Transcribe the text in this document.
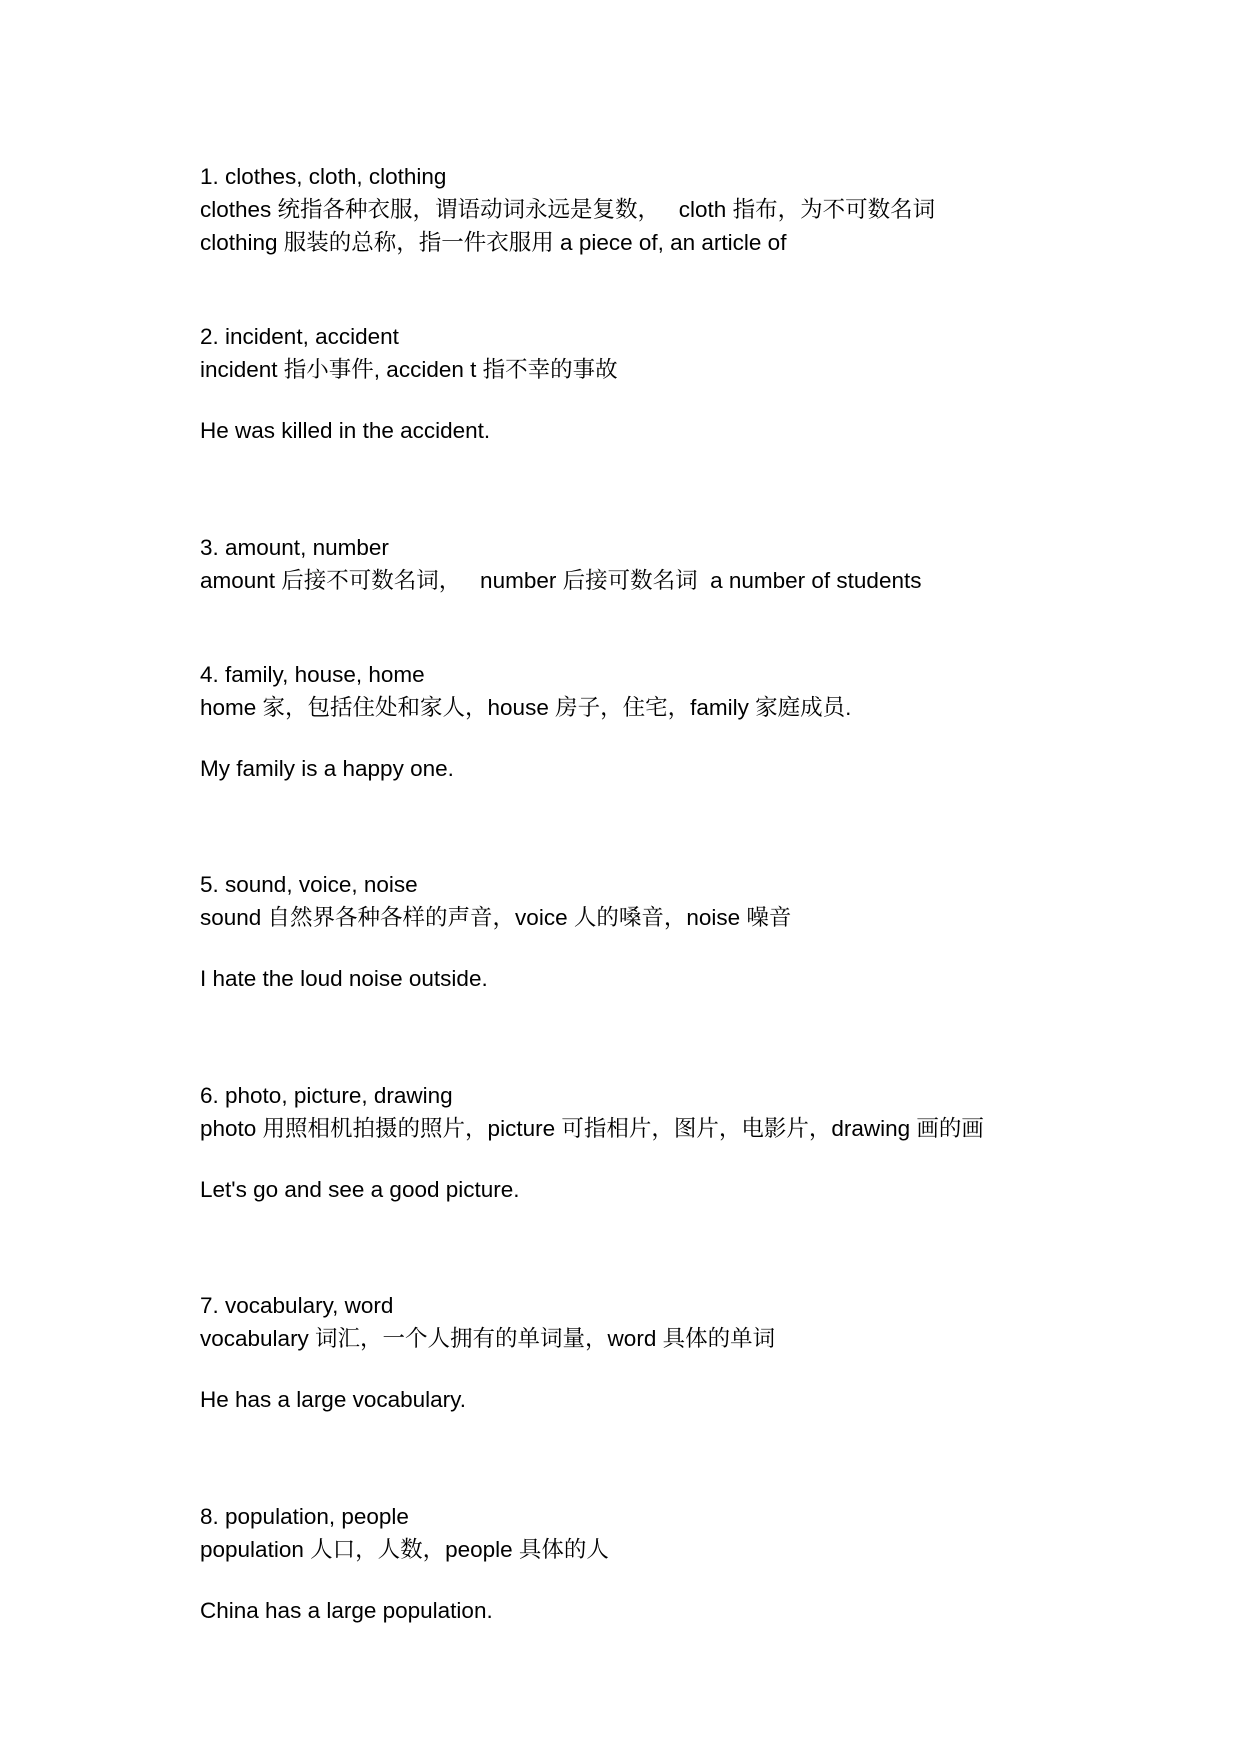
1. clothes, cloth, clothing

clothes 统指各种衣服，谓语动词永远是复数，   cloth 指布，为不可数名词

clothing 服装的总称，指一件衣服用 a piece of, an article of

2. incident, accident

incident 指小事件, acciden t 指不幸的事故

He was killed in the accident.

3. amount, number

amount 后接不可数名词，   number 后接可数名词  a number of students

4. family, house, home

home 家，包括住处和家人，house 房子，住宅，family 家庭成员.

My family is a happy one.

5. sound, voice, noise

sound 自然界各种各样的声音，voice 人的嗓音，noise 噪音

I hate the loud noise outside.

6. photo, picture, drawing

photo 用照相机拍摄的照片，picture 可指相片，图片，电影片，drawing 画的画

Let's go and see a good picture.

7. vocabulary, word

vocabulary 词汇，一个人拥有的单词量，word 具体的单词

He has a large vocabulary.

8. population, people

population 人口，人数，people 具体的人

China has a large population.
